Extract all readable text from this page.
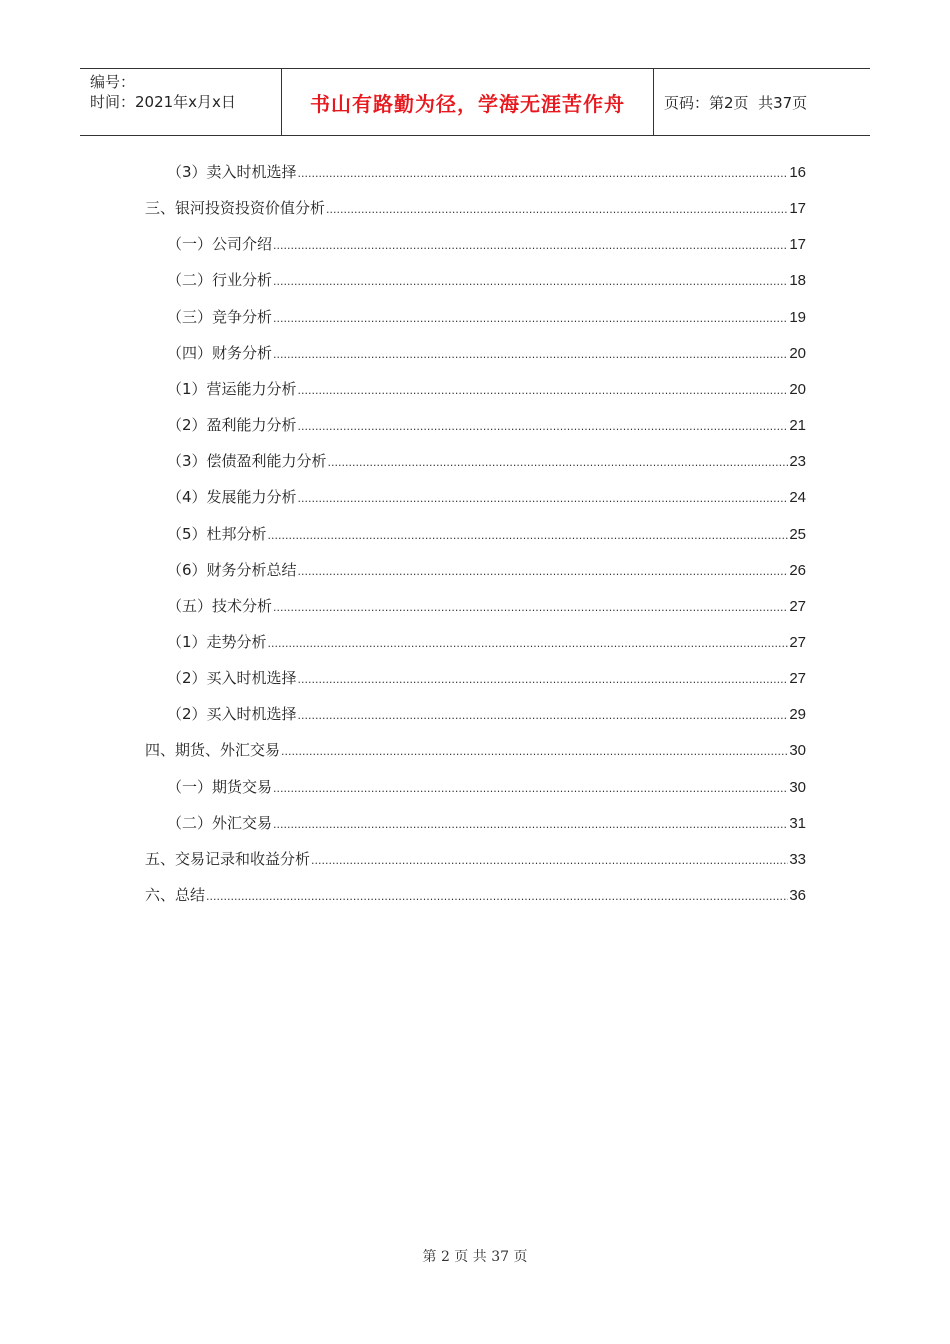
编号：
时间：2021年x月x日	书山有路勤为径，学海无涯苦作舟	页码：第2页  共37页
（3）卖入时机选择 .....	16
三、银河投资投资价值分析 .....	17
（一）公司介绍 .....	17
（二）行业分析 .....	18
（三）竞争分析 .....	19
（四）财务分析 .....	20
（1）营运能力分析 .....	20
（2）盈利能力分析 .....	21
（3）偿债盈利能力分析 .....	23
（4）发展能力分析 .....	24
（5）杜邦分析 .....	25
（6）财务分析总结 .....	26
（五）技术分析 .....	27
（1）走势分析 .....	27
（2）买入时机选择 .....	27
（2）买入时机选择 .....	29
四、期货、外汇交易 .....	30
（一）期货交易 .....	30
（二）外汇交易 .....	31
五、交易记录和收益分析 .....	33
六、总结 .....	36
第 2 页 共 37 页
